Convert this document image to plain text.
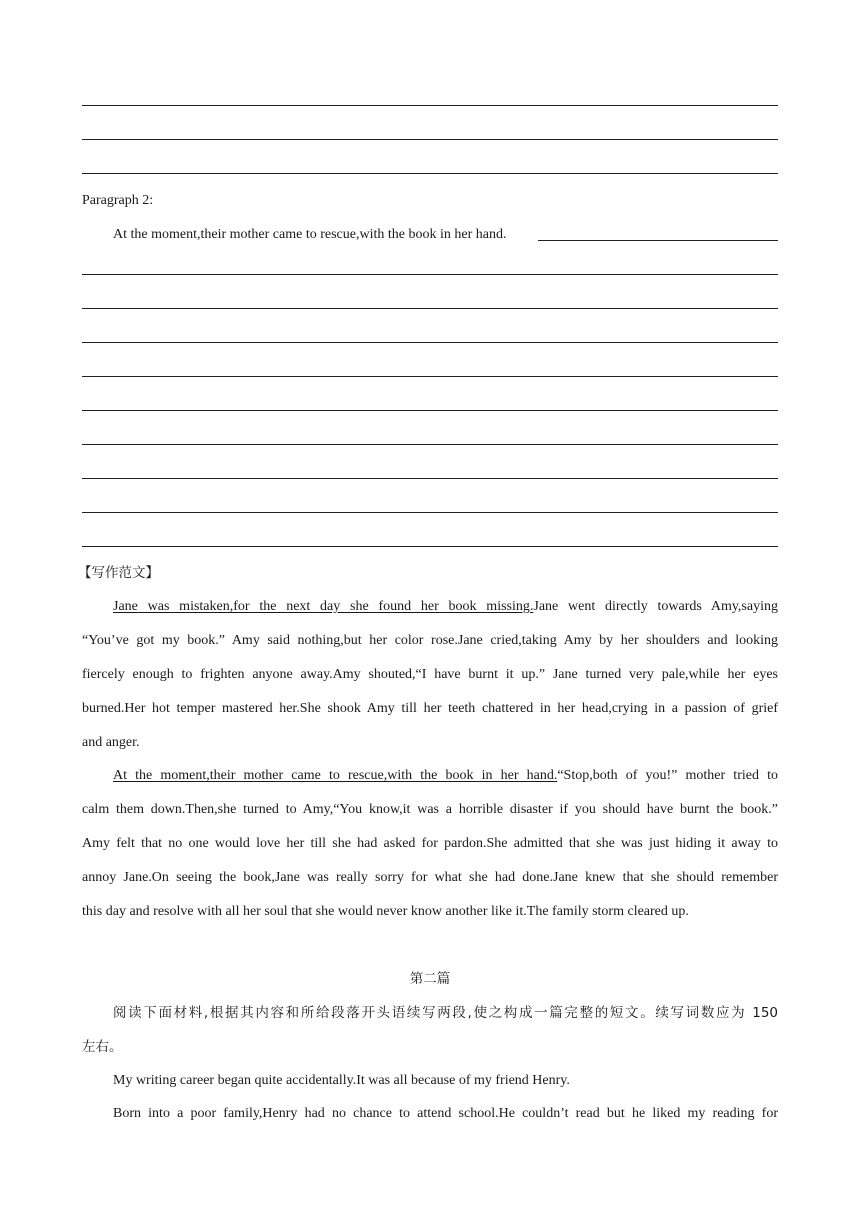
Paragraph 2:
At the moment,their mother came to rescue,with the book in her hand.
【写作范文】
Jane was mistaken,for the next day she found her book missing.Jane went directly towards Amy,saying
“You’ve got my book.” Amy said nothing,but her color rose.Jane cried,taking Amy by her shoulders and looking
fiercely enough to frighten anyone away.Amy shouted,“I have burnt it up.” Jane turned very pale,while her eyes
burned.Her hot temper mastered her.She shook Amy till her teeth chattered in her head,crying in a passion of grief
and anger.
At the moment,their mother came to rescue,with the book in her hand.“Stop,both of you!” mother tried to
calm them down.Then,she turned to Amy,“You know,it was a horrible disaster if you should have burnt the book.”
Amy felt that no one would love her till she had asked for pardon.She admitted that she was just hiding it away to
annoy Jane.On seeing the book,Jane was really sorry for what she had done.Jane knew that she should remember
this day and resolve with all her soul that she would never know another like it.The family storm cleared up.
第二篇
阅读下面材料,根据其内容和所给段落开头语续写两段,使之构成一篇完整的短文。续写词数应为 150
左右。
My writing career began quite accidentally.It was all because of my friend Henry.
Born into a poor family,Henry had no chance to attend school.He couldn’t read but he liked my reading for
